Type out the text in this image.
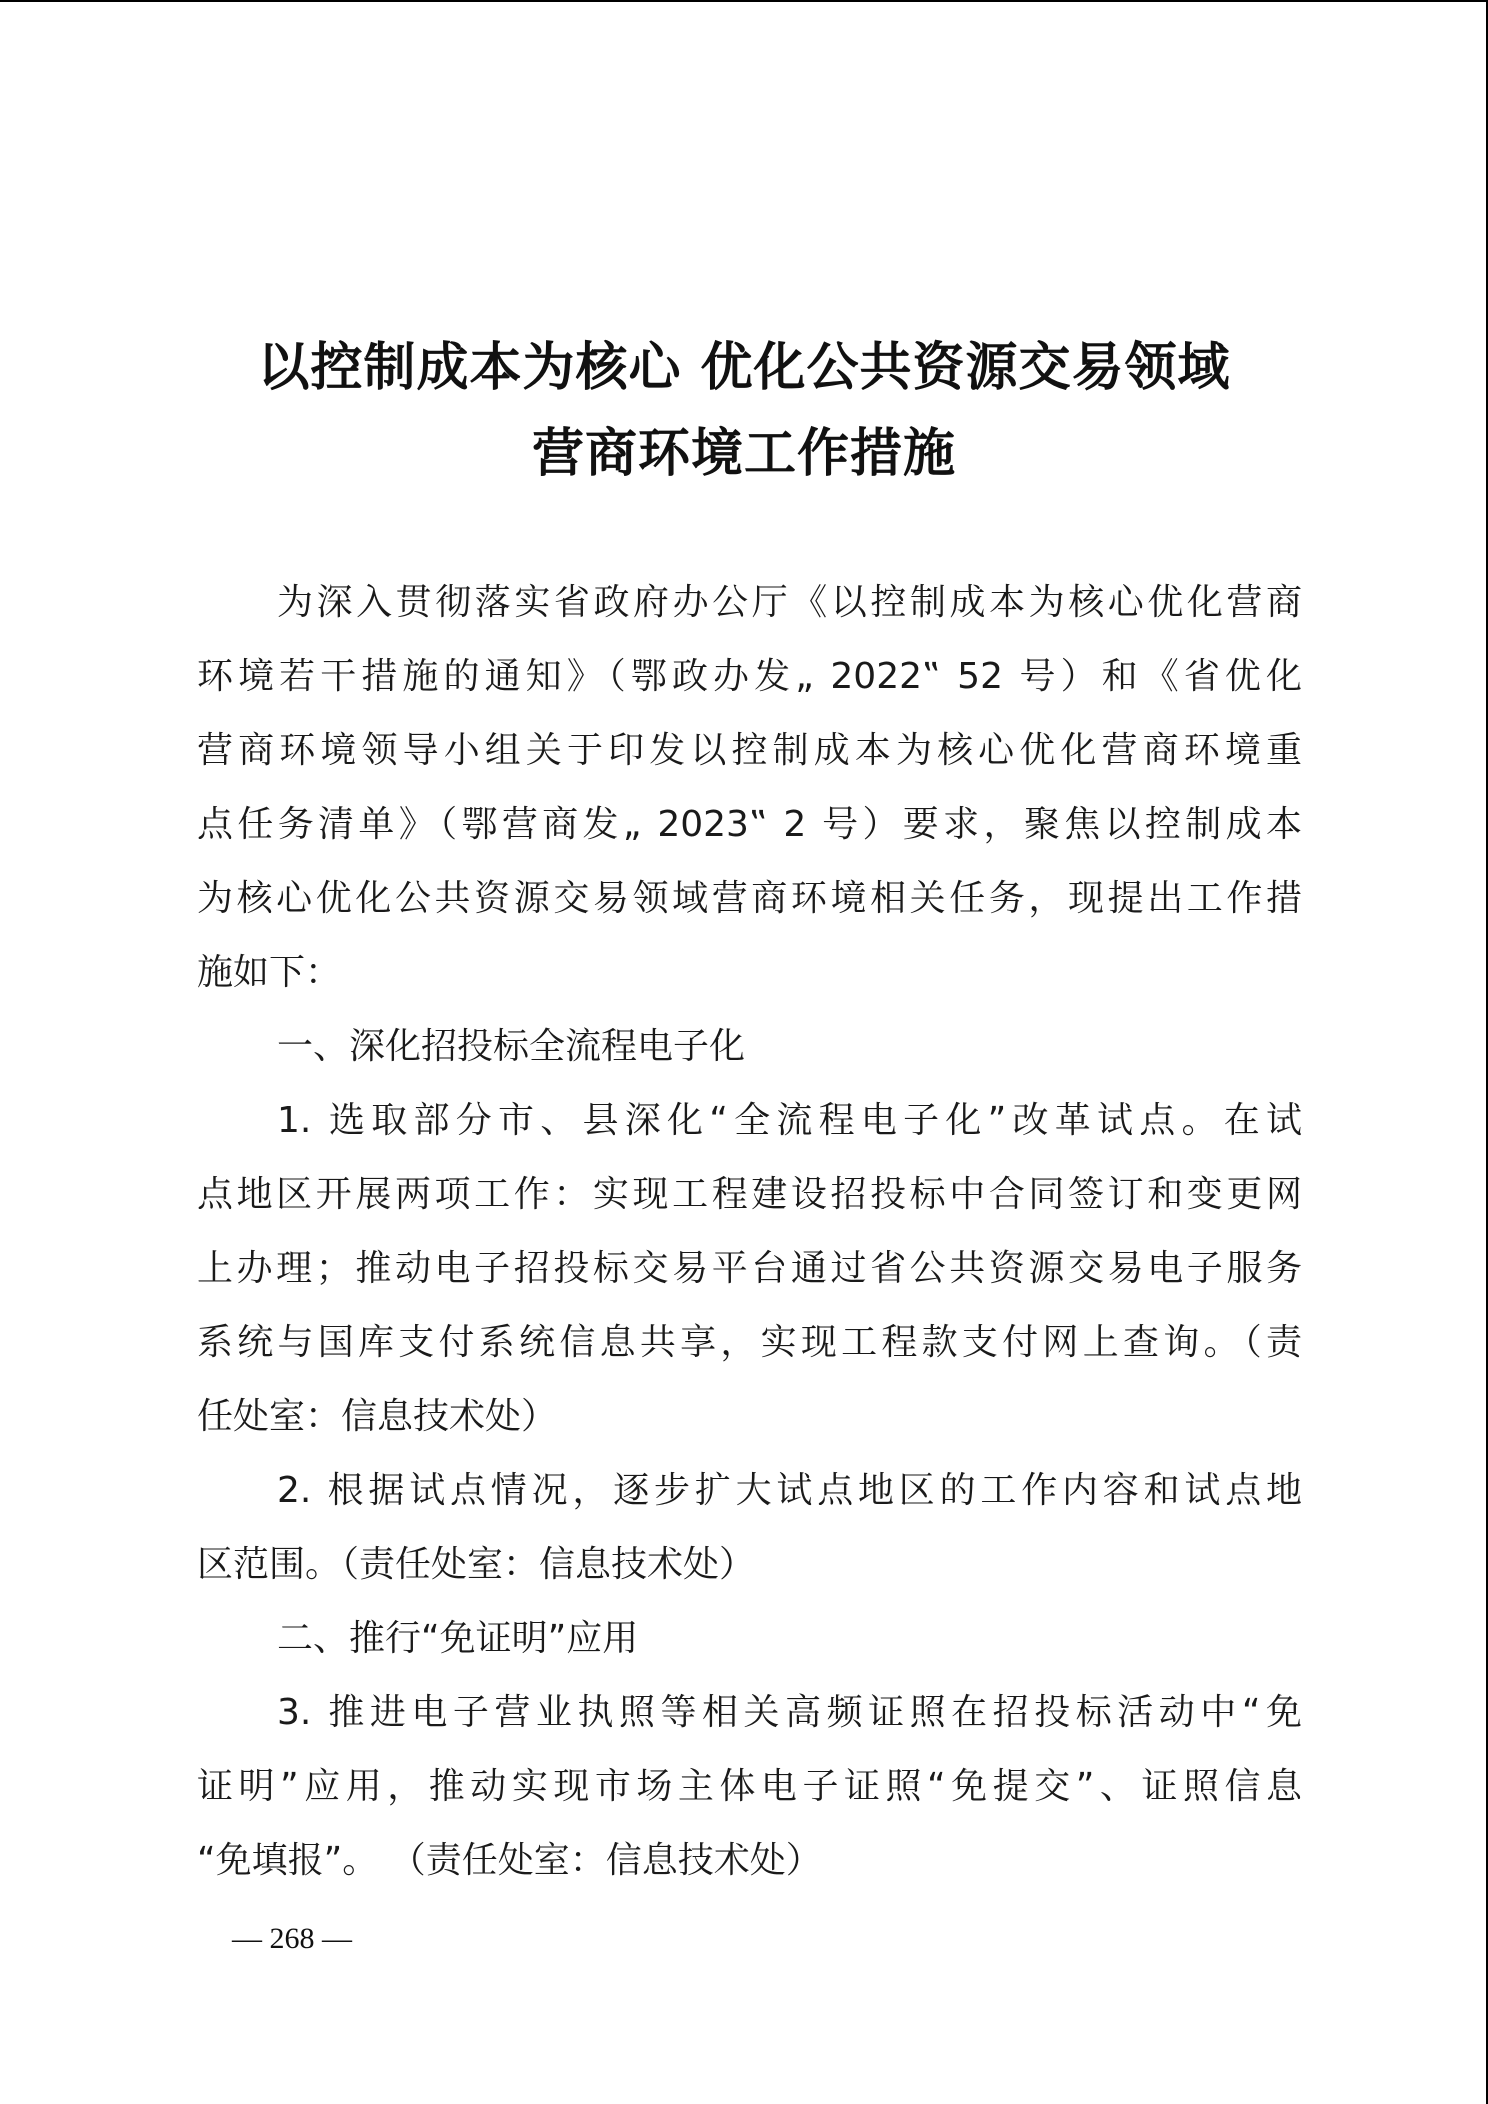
以控制成本为核心 优化公共资源交易领域
营商环境工作措施
为深入贯彻落实省政府办公厅《以控制成本为核心优化营商
环境若干措施的通知》（鄂政办发„ 2022‟ 52 号）和《省优化
营商环境领导小组关于印发以控制成本为核心优化营商环境重
点任务清单》（鄂营商发„ 2023‟ 2 号）要求，聚焦以控制成本
为核心优化公共资源交易领域营商环境相关任务，现提出工作措
施如下：
一、深化招投标全流程电子化
1. 选取部分市、县深化“全流程电子化”改革试点。在试
点地区开展两项工作：实现工程建设招投标中合同签订和变更网
上办理；推动电子招投标交易平台通过省公共资源交易电子服务
系统与国库支付系统信息共享，实现工程款支付网上查询。（责
任处室：信息技术处）
2. 根据试点情况，逐步扩大试点地区的工作内容和试点地
区范围。（责任处室：信息技术处）
二、推行“免证明”应用
3. 推进电子营业执照等相关高频证照在招投标活动中“免
证明”应用，推动实现市场主体电子证照“免提交”、证照信息
“免填报”。 （责任处室：信息技术处）
— 268 —
